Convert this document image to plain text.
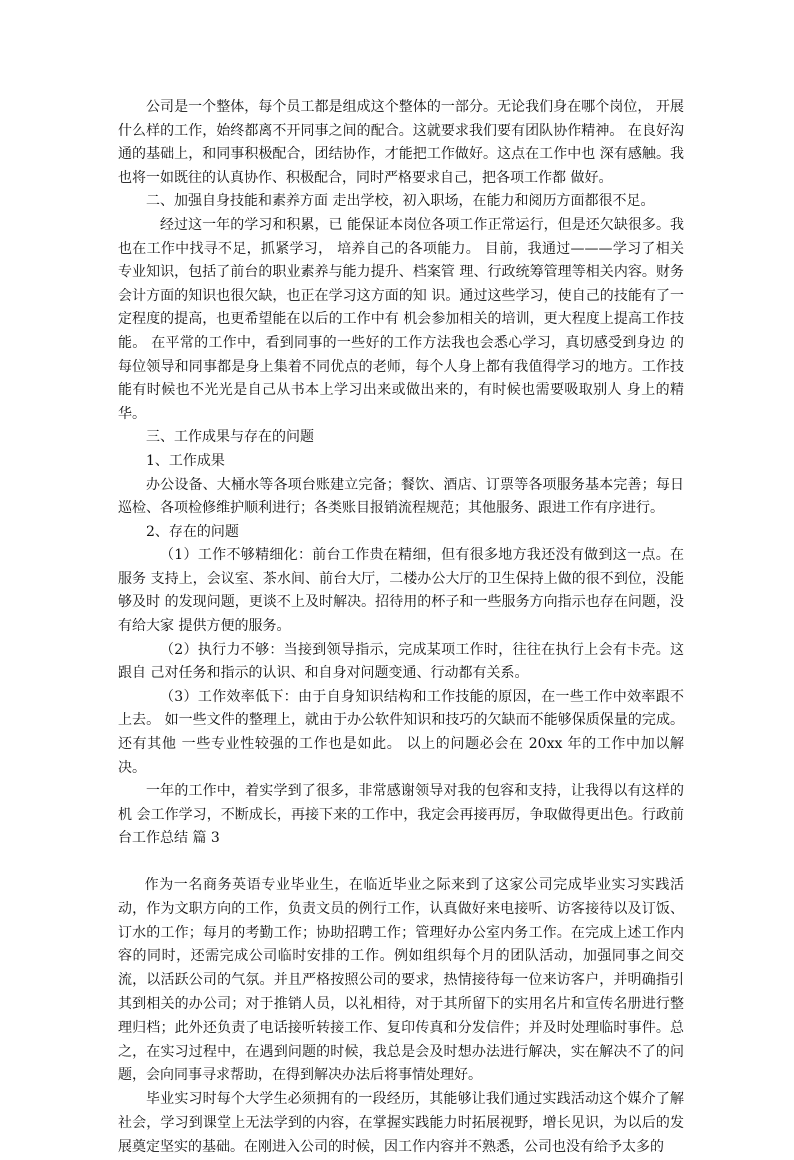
公司是一个整体，每个员工都是组成这个整体的一部分。无论我们身在哪个岗位， 开展什么样的工作，始终都离不开同事之间的配合。这就要求我们要有团队协作精神。 在良好沟通的基础上，和同事积极配合，团结协作，才能把工作做好。这点在工作中也 深有感触。我也将一如既往的认真协作、积极配合，同时严格要求自己，把各项工作都 做好。

二、加强自身技能和素养方面 走出学校，初入职场，在能力和阅历方面都很不足。

经过这一年的学习和积累，已 能保证本岗位各项工作正常运行，但是还欠缺很多。我也在工作中找寻不足，抓紧学习， 培养自己的各项能力。 目前，我通过———学习了相关专业知识，包括了前台的职业素养与能力提升、档案管 理、行政统筹管理等相关内容。财务会计方面的知识也很欠缺，也正在学习这方面的知 识。通过这些学习，使自己的技能有了一定程度的提高，也更希望能在以后的工作中有 机会参加相关的培训，更大程度上提高工作技能。 在平常的工作中，看到同事的一些好的工作方法我也会悉心学习，真切感受到身边 的每位领导和同事都是身上集着不同优点的老师，每个人身上都有我值得学习的地方。工作技能有时候也不光光是自己从书本上学习出来或做出来的，有时候也需要吸取别人 身上的精华。

三、工作成果与存在的问题

1、工作成果

办公设备、大桶水等各项台账建立完备；餐饮、酒店、订票等各项服务基本完善；每日巡检、各项检修维护顺利进行；各类账目报销流程规范；其他服务、跟进工作有序进行。

2、存在的问题

（1）工作不够精细化：前台工作贵在精细，但有很多地方我还没有做到这一点。在服务 支持上，会议室、茶水间、前台大厅，二楼办公大厅的卫生保持上做的很不到位，没能够及时 的发现问题，更谈不上及时解决。招待用的杯子和一些服务方向指示也存在问题，没有给大家 提供方便的服务。

（2）执行力不够：当接到领导指示，完成某项工作时，往往在执行上会有卡壳。这跟自 己对任务和指示的认识、和自身对问题变通、行动都有关系。

（3）工作效率低下：由于自身知识结构和工作技能的原因，在一些工作中效率跟不上去。 如一些文件的整理上，就由于办公软件知识和技巧的欠缺而不能够保质保量的完成。还有其他 一些专业性较强的工作也是如此。 以上的问题必会在 20xx 年的工作中加以解决。

一年的工作中，着实学到了很多，非常感谢领导对我的包容和支持，让我得以有这样的机 会工作学习，不断成长，再接下来的工作中，我定会再接再厉，争取做得更出色。行政前台工作总结 篇 3

作为一名商务英语专业毕业生，在临近毕业之际来到了这家公司完成毕业实习实践活动，作为文职方向的工作，负责文员的例行工作，认真做好来电接听、访客接待以及订饭、订水的工作；每月的考勤工作；协助招聘工作；管理好办公室内务工作。在完成上述工作内容的同时，还需完成公司临时安排的工作。例如组织每个月的团队活动，加强同事之间交流，以活跃公司的气氛。并且严格按照公司的要求，热情接待每一位来访客户，并明确指引其到相关的办公司；对于推销人员，以礼相待，对于其所留下的实用名片和宣传名册进行整理归档；此外还负责了电话接听转接工作、复印传真和分发信件；并及时处理临时事件。总之，在实习过程中，在遇到问题的时候，我总是会及时想办法进行解决，实在解决不了的问题，会向同事寻求帮助，在得到解决办法后将事情处理好。

毕业实习时每个大学生必须拥有的一段经历，其能够让我们通过实践活动这个媒介了解社会，学习到课堂上无法学到的内容，在掌握实践能力时拓展视野，增长见识，为以后的发展奠定坚实的基础。在刚进入公司的时候，因工作内容并不熟悉，公司也没有给予太多的
